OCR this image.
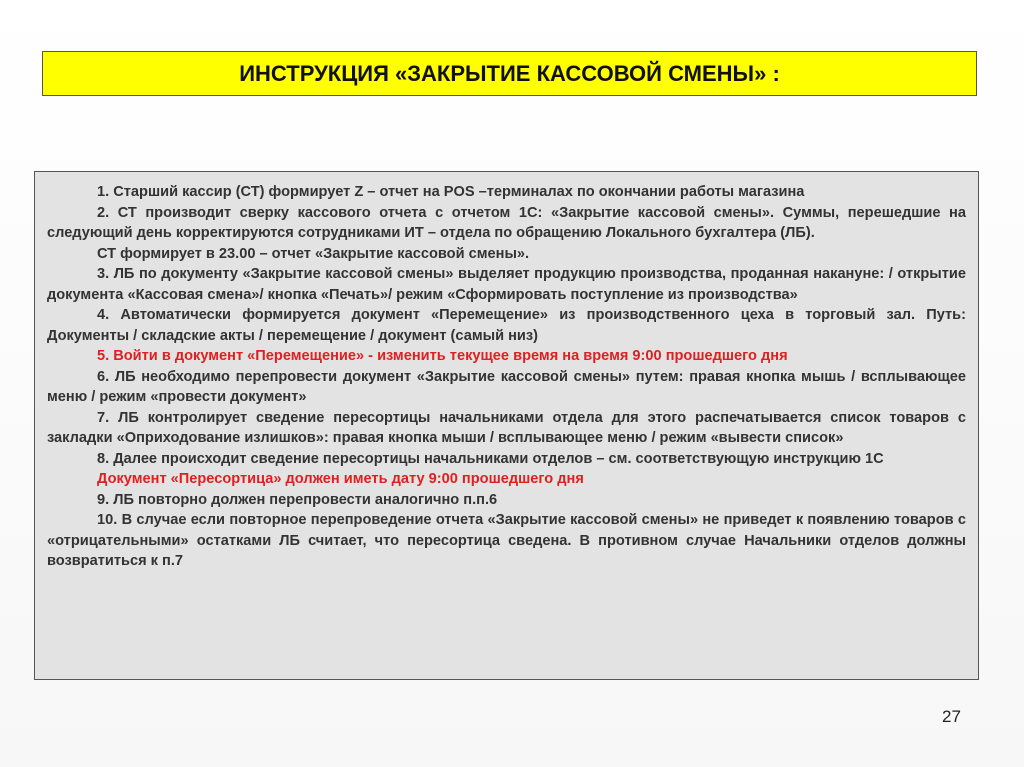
ИНСТРУКЦИЯ «ЗАКРЫТИЕ КАССОВОЙ СМЕНЫ» :

1. Старший кассир (СТ) формирует Z – отчет на POS –терминалах по окончании работы магазина

2. СТ производит сверку кассового отчета с отчетом 1С: «Закрытие кассовой смены». Суммы, перешедшие на следующий день корректируются сотрудниками ИТ – отдела по обращению Локального бухгалтера (ЛБ).

СТ формирует в 23.00 – отчет «Закрытие кассовой смены».

3. ЛБ по документу «Закрытие кассовой смены» выделяет продукцию производства, проданная накануне: / открытие документа «Кассовая смена»/ кнопка «Печать»/ режим «Сформировать поступление из производства»

4. Автоматически формируется документ «Перемещение» из производственного цеха в торговый зал. Путь: Документы / складские акты / перемещение / документ (самый низ)

5. Войти в документ «Перемещение» - изменить текущее время на время 9:00 прошедшего дня

6. ЛБ необходимо перепровести документ «Закрытие кассовой смены» путем: правая кнопка мышь / всплывающее меню / режим «провести документ»

7. ЛБ контролирует сведение пересортицы начальниками отдела для этого распечатывается список товаров с закладки «Оприходование излишков»: правая кнопка мыши / всплывающее меню / режим «вывести список»

8. Далее происходит сведение пересортицы начальниками отделов – см. соответствующую инструкцию 1С

Документ «Пересортица» должен иметь дату 9:00 прошедшего дня

9. ЛБ повторно должен перепровести аналогично п.п.6

10. В случае если повторное перепроведение отчета «Закрытие кассовой смены» не приведет к появлению товаров с «отрицательными» остатками ЛБ считает, что пересортица сведена. В противном случае Начальники отделов должны возвратиться к п.7

27
